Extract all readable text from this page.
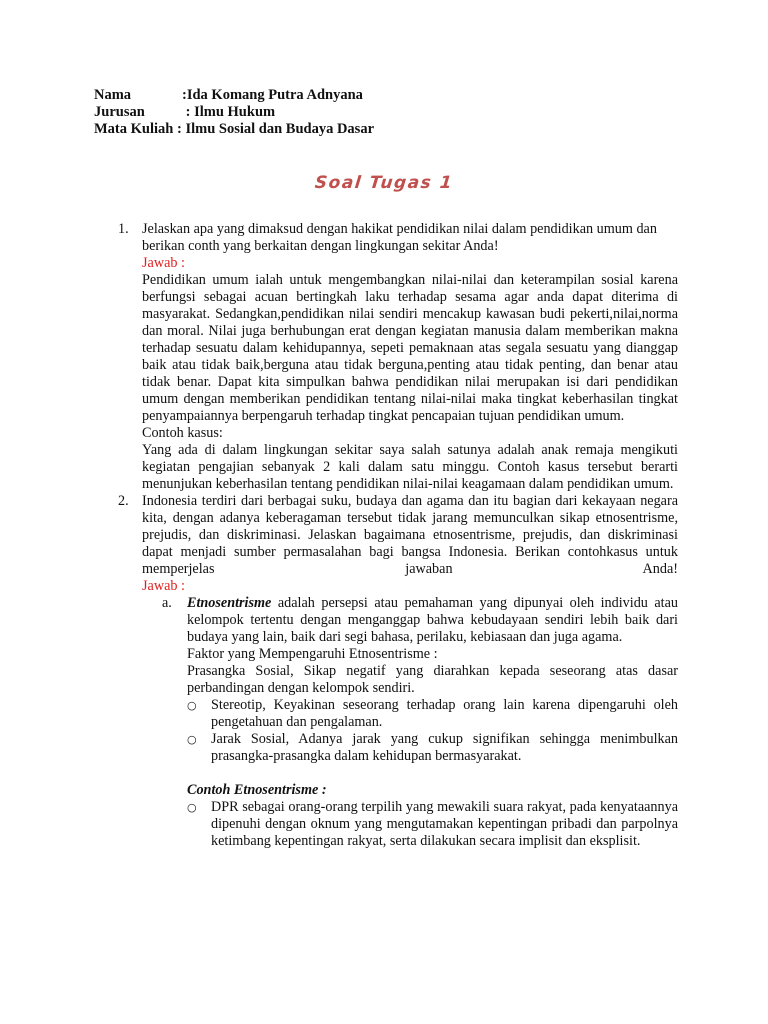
Nama	: Ida Komang Putra Adnyana
Jurusan	: Ilmu Hukum
Mata Kuliah : Ilmu Sosial dan Budaya Dasar
Soal Tugas 1
1. Jelaskan apa yang dimaksud dengan hakikat pendidikan nilai dalam pendidikan umum dan berikan conth yang berkaitan dengan lingkungan sekitar Anda!

Jawab :

Pendidikan umum ialah untuk mengembangkan nilai-nilai dan keterampilan sosial karena berfungsi sebagai acuan bertingkah laku terhadap sesama agar anda dapat diterima di masyarakat. Sedangkan,pendidikan nilai sendiri mencakup kawasan budi pekerti,nilai,norma dan moral. Nilai juga berhubungan erat dengan kegiatan manusia dalam memberikan makna terhadap sesuatu dalam kehidupannya, sepeti pemaknaan atas segala sesuatu yang dianggap baik atau tidak baik,berguna atau tidak berguna,penting atau tidak penting, dan benar atau tidak benar. Dapat kita simpulkan bahwa pendidikan nilai merupakan isi dari pendidikan umum dengan memberikan pendidikan tentang nilai-nilai maka tingkat keberhasilan tingkat penyampaiannya berpengaruh terhadap tingkat pencapaian tujuan pendidikan umum.

Contoh kasus:

Yang ada di dalam lingkungan sekitar saya salah satunya adalah anak remaja mengikuti kegiatan pengajian sebanyak 2 kali dalam satu minggu. Contoh kasus tersebut berarti menunjukan keberhasilan tentang pendidikan nilai-nilai keagamaan dalam pendidikan umum.

2. Indonesia terdiri dari berbagai suku, budaya dan agama dan itu bagian dari kekayaan negara kita, dengan adanya keberagaman tersebut tidak jarang memunculkan sikap etnosentrisme, prejudis, dan diskriminasi. Jelaskan bagaimana etnosentrisme, prejudis, dan diskriminasi dapat menjadi sumber permasalahan bagi bangsa Indonesia. Berikan contohkasus untuk memperjelas jawaban Anda!

Jawab :

a. Etnosentrisme adalah persepsi atau pemahaman yang dipunyai oleh individu atau kelompok tertentu dengan menganggap bahwa kebudayaan sendiri lebih baik dari budaya yang lain, baik dari segi bahasa, perilaku, kebiasaan dan juga agama.

Faktor yang Mempengaruhi Etnosentrisme :

Prasangka Sosial, Sikap negatif yang diarahkan kepada seseorang atas dasar perbandingan dengan kelompok sendiri.

○ Stereotip, Keyakinan seseorang terhadap orang lain karena dipengaruhi oleh pengetahuan dan pengalaman.

○ Jarak Sosial, Adanya jarak yang cukup signifikan sehingga menimbulkan prasangka-prasangka dalam kehidupan bermasyarakat.

Contoh Etnosentrisme :

○ DPR sebagai orang-orang terpilih yang mewakili suara rakyat, pada kenyataannya dipenuhi dengan oknum yang mengutamakan kepentingan pribadi dan parpolnya ketimbang kepentingan rakyat, serta dilakukan secara implisit dan eksplisit.
